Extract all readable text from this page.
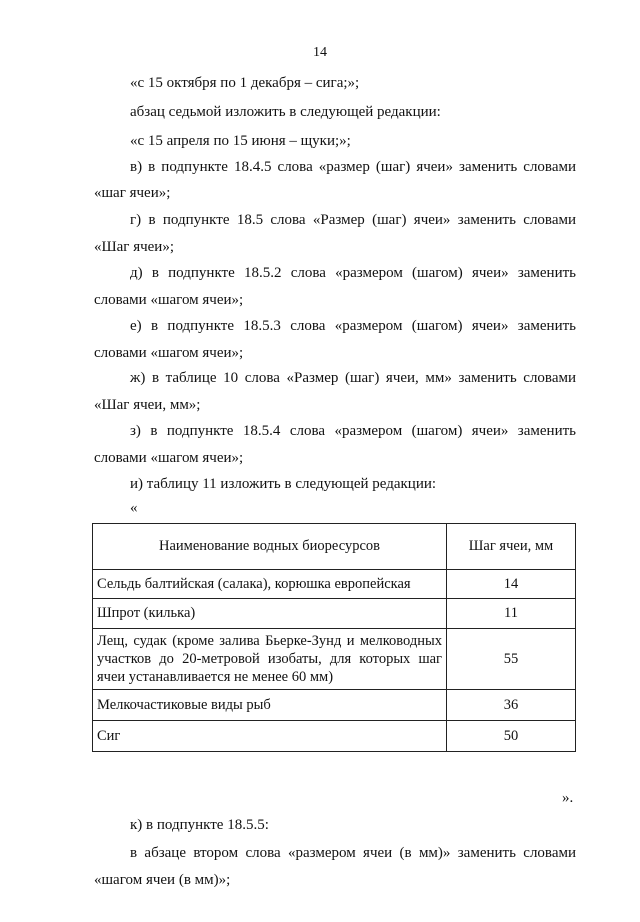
14
«с 15 октября по 1 декабря – сига;»;
абзац седьмой изложить в следующей редакции:
«с 15 апреля по 15 июня – щуки;»;
в) в подпункте 18.4.5 слова «размер (шаг) ячеи» заменить словами
«шаг ячеи»;
г) в подпункте 18.5 слова «Размер (шаг) ячеи» заменить словами
«Шаг ячеи»;
д) в подпункте 18.5.2 слова «размером (шагом) ячеи» заменить
словами «шагом ячеи»;
е) в подпункте 18.5.3 слова «размером (шагом) ячеи» заменить
словами «шагом ячеи»;
ж) в таблице 10 слова «Размер (шаг) ячеи, мм» заменить словами
«Шаг ячеи, мм»;
з) в подпункте 18.5.4 слова «размером (шагом) ячеи» заменить
словами «шагом ячеи»;
и) таблицу 11 изложить в следующей редакции:
«
Наименование водных биоресурсов	Шаг ячеи, мм
Сельдь балтийская (салака), корюшка европейская	14
Шпрот (килька)	11
Лещ, судак (кроме залива Бьерке-Зунд и мелководных участков до 20-метровой изобаты, для которых шаг ячеи устанавливается не менее 60 мм)	55
Мелкочастиковые виды рыб	36
Сиг	50
».
к) в подпункте 18.5.5:
в абзаце втором слова «размером ячеи (в мм)» заменить словами
«шагом ячеи (в мм)»;
